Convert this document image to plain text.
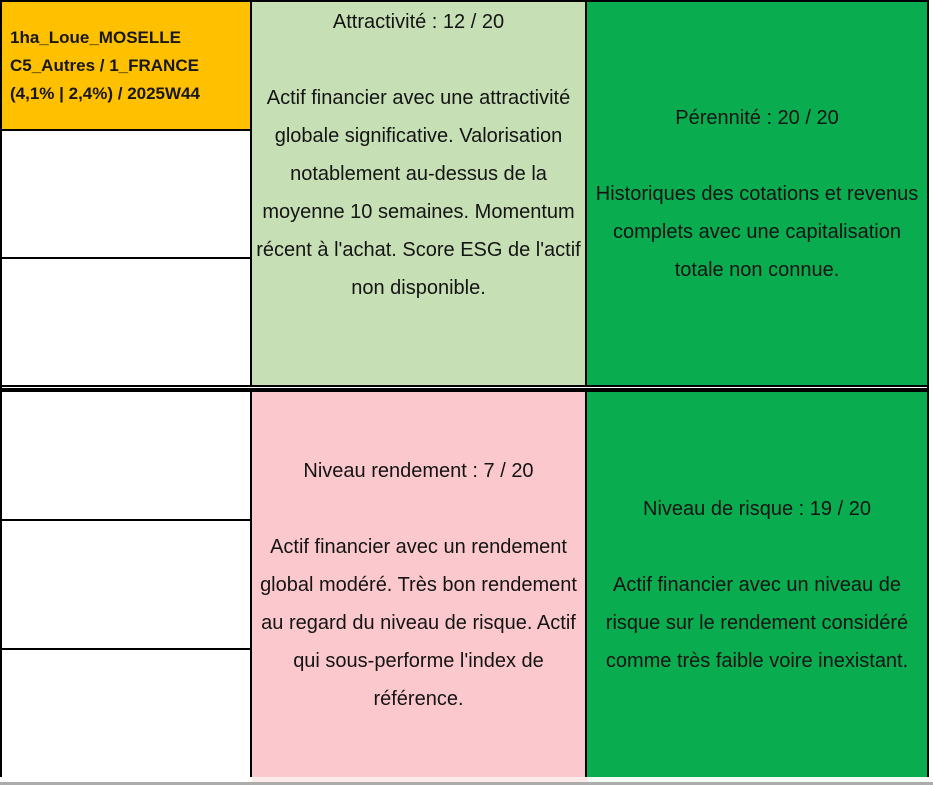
1ha_Loue_MOSELLE
C5_Autres / 1_FRANCE
(4,1% | 2,4%) / 2025W44
Attractivité : 12 / 20
Actif financier avec une attractivité globale significative. Valorisation notablement au-dessus de la moyenne 10 semaines. Momentum récent à l'achat. Score ESG de l'actif non disponible.
Pérennité : 20 / 20
Historiques des cotations et revenus complets avec une capitalisation totale non connue.
Niveau rendement : 7 / 20
Actif financier avec un rendement global modéré. Très bon rendement au regard du niveau de risque. Actif qui sous-performe l'index de référence.
Niveau de risque : 19 / 20
Actif financier avec un niveau de risque sur le rendement considéré comme très faible voire inexistant.
